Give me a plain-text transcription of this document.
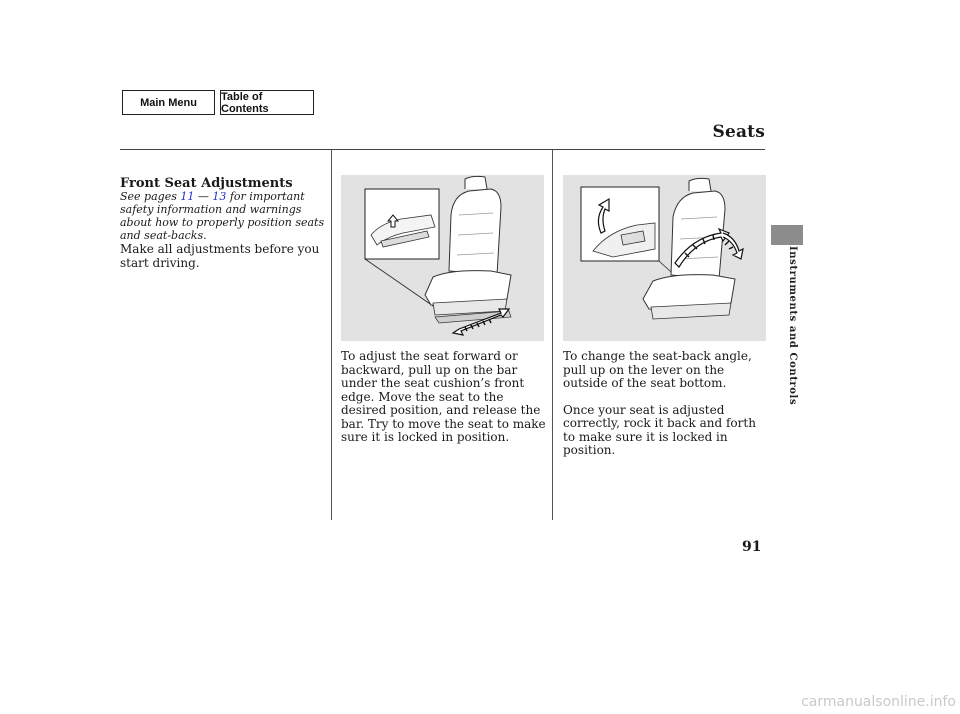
Main Menu	Table of Contents
Seats
Instruments and Controls
Front Seat Adjustments
See pages 11 — 13 for important safety information and warnings about how to properly position seats and seat-backs.
Make all adjustments before you start driving.

To adjust the seat forward or backward, pull up on the bar under the seat cushion’s front edge. Move the seat to the desired position, and release the bar. Try to move the seat to make sure it is locked in position.

To change the seat-back angle, pull up on the lever on the outside of the seat bottom.

Once your seat is adjusted correctly, rock it back and forth to make sure it is locked in position.

91
carmanualsonline.info
